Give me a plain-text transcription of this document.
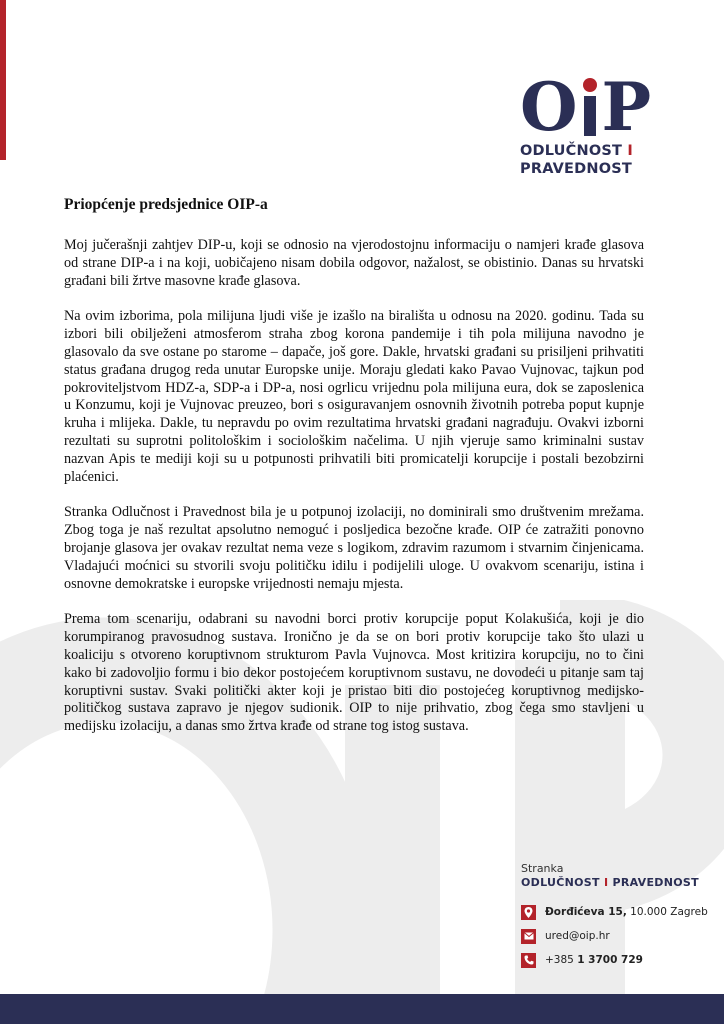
O P
ODLUČNOST I
PRAVEDNOST
Priopćenje predsjednice OIP-a

Moj jučerašnji zahtjev DIP-u, koji se odnosio na vjerodostojnu informaciju o namjeri krađe glasova od strane DIP-a i na koji, uobičajeno nisam dobila odgovor, nažalost, se obistinio. Danas su hrvatski građani bili žrtve masovne krađe glasova.

Na ovim izborima, pola milijuna ljudi više je izašlo na birališta u odnosu na 2020. godinu. Tada su izbori bili obilježeni atmosferom straha zbog korona pandemije i tih pola milijuna navodno je glasovalo da sve ostane po starome – dapače, još gore. Dakle, hrvatski građani su prisiljeni prihvatiti status građana drugog reda unutar Europske unije. Moraju gledati kako Pavao Vujnovac, tajkun pod pokroviteljstvom HDZ-a, SDP-a i DP-a, nosi ogrlicu vrijednu pola milijuna eura, dok se zaposlenica u Konzumu, koji je Vujnovac preuzeo, bori s osiguravanjem osnovnih životnih potreba poput kupnje kruha i mlijeka. Dakle, tu nepravdu po ovim rezultatima hrvatski građani nagrađuju. Ovakvi izborni rezultati su suprotni politološkim i sociološkim načelima. U njih vjeruje samo kriminalni sustav nazvan Apis te mediji koji su u potpunosti prihvatili biti promicatelji korupcije i postali bezobzirni plaćenici.

Stranka Odlučnost i Pravednost bila je u potpunoj izolaciji, no dominirali smo društvenim mrežama. Zbog toga je naš rezultat apsolutno nemoguć i posljedica bezočne krađe. OIP će zatražiti ponovno brojanje glasova jer ovakav rezultat nema veze s logikom, zdravim razumom i stvarnim činjenicama. Vladajući moćnici su stvorili svoju političku idilu i podijelili uloge. U ovakvom scenariju, istina i osnovne demokratske i europske vrijednosti nemaju mjesta.

Prema tom scenariju, odabrani su navodni borci protiv korupcije poput Kolakušića, koji je dio korumpiranog pravosudnog sustava. Ironično je da se on bori protiv korupcije tako što ulazi u koaliciju s otvoreno koruptivnom strukturom Pavla Vujnovca. Most kritizira korupciju, no to čini kako bi zadovoljio formu i bio dekor postojećem koruptivnom sustavu, ne dovodeći u pitanje sam taj koruptivni sustav. Svaki politički akter koji je pristao biti dio postojećeg koruptivnog medijsko-političkog sustava zapravo je njegov sudionik. OIP to nije prihvatio, zbog čega smo stavljeni u medijsku izolaciju, a danas smo žrtva krađe od strane tog istog sustava.

Stranka
ODLUČNOST I PRAVEDNOST
Đorđićeva 15, 10.000 Zagreb
ured@oip.hr
+385 1 3700 729
